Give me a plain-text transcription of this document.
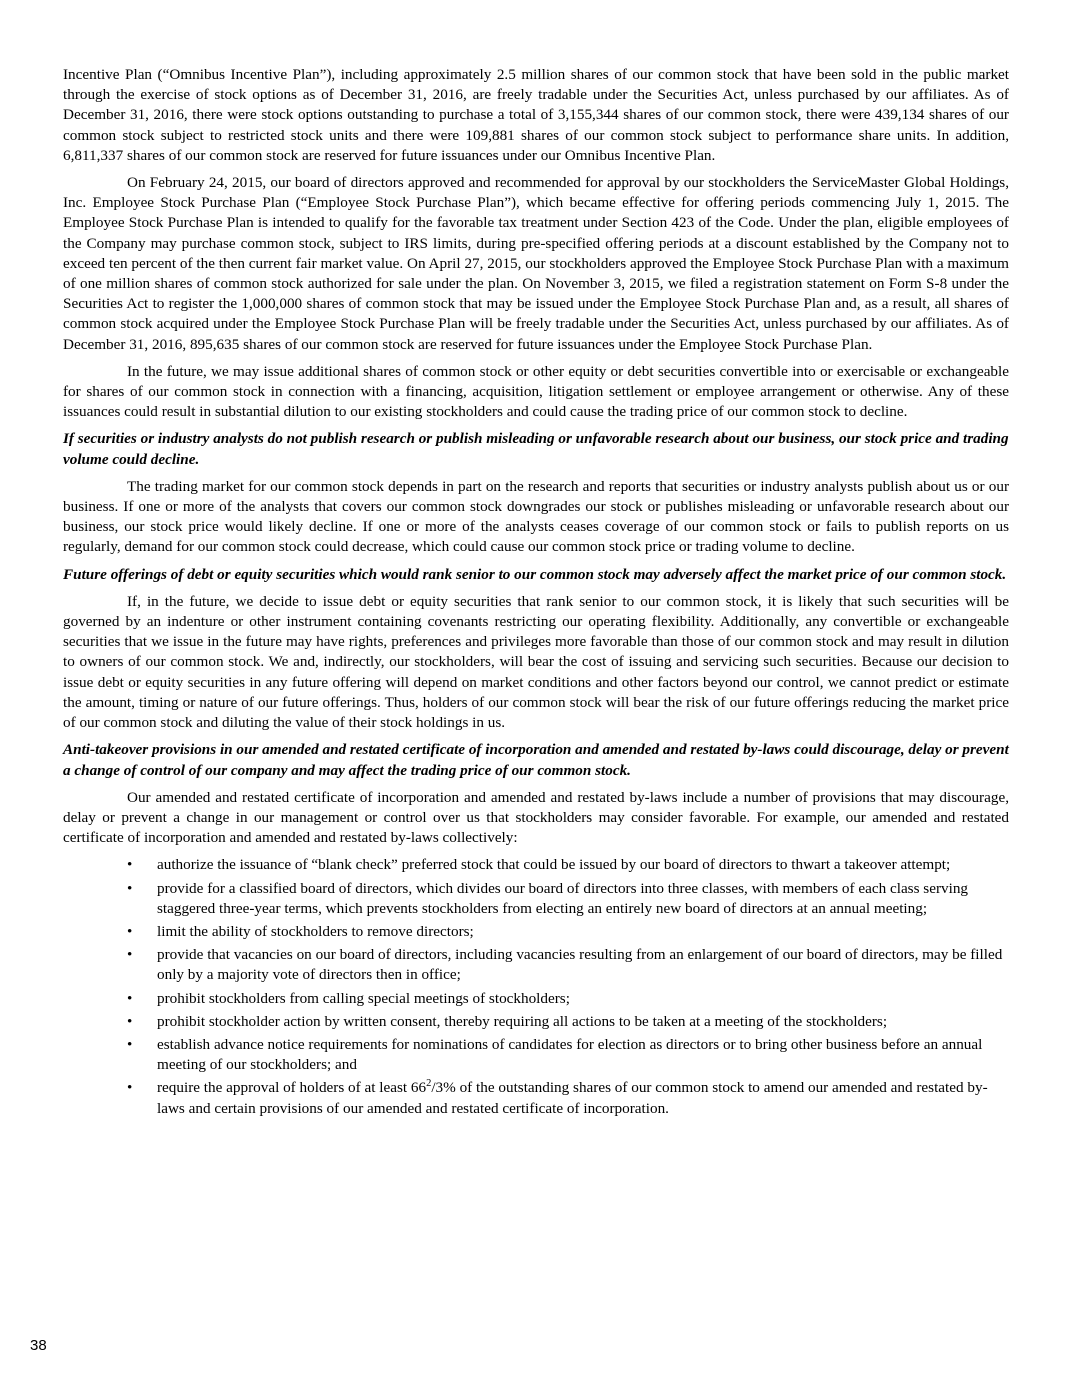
Incentive Plan (“Omnibus Incentive Plan”), including approximately 2.5 million shares of our common stock that have been sold in the public market through the exercise of stock options as of December 31, 2016, are freely tradable under the Securities Act, unless purchased by our affiliates. As of December 31, 2016, there were stock options outstanding to purchase a total of 3,155,344 shares of our common stock, there were 439,134 shares of our common stock subject to restricted stock units and there were 109,881 shares of our common stock subject to performance share units. In addition, 6,811,337 shares of our common stock are reserved for future issuances under our Omnibus Incentive Plan.

On February 24, 2015, our board of directors approved and recommended for approval by our stockholders the ServiceMaster Global Holdings, Inc. Employee Stock Purchase Plan (“Employee Stock Purchase Plan”), which became effective for offering periods commencing July 1, 2015. The Employee Stock Purchase Plan is intended to qualify for the favorable tax treatment under Section 423 of the Code. Under the plan, eligible employees of the Company may purchase common stock, subject to IRS limits, during pre-specified offering periods at a discount established by the Company not to exceed ten percent of the then current fair market value. On April 27, 2015, our stockholders approved the Employee Stock Purchase Plan with a maximum of one million shares of common stock authorized for sale under the plan. On November 3, 2015, we filed a registration statement on Form S-8 under the Securities Act to register the 1,000,000 shares of common stock that may be issued under the Employee Stock Purchase Plan and, as a result, all shares of common stock acquired under the Employee Stock Purchase Plan will be freely tradable under the Securities Act, unless purchased by our affiliates. As of December 31, 2016, 895,635 shares of our common stock are reserved for future issuances under the Employee Stock Purchase Plan.

In the future, we may issue additional shares of common stock or other equity or debt securities convertible into or exercisable or exchangeable for shares of our common stock in connection with a financing, acquisition, litigation settlement or employee arrangement or otherwise. Any of these issuances could result in substantial dilution to our existing stockholders and could cause the trading price of our common stock to decline.

If securities or industry analysts do not publish research or publish misleading or unfavorable research about our business, our stock price and trading volume could decline.

The trading market for our common stock depends in part on the research and reports that securities or industry analysts publish about us or our business. If one or more of the analysts that covers our common stock downgrades our stock or publishes misleading or unfavorable research about our business, our stock price would likely decline. If one or more of the analysts ceases coverage of our common stock or fails to publish reports on us regularly, demand for our common stock could decrease, which could cause our common stock price or trading volume to decline.

Future offerings of debt or equity securities which would rank senior to our common stock may adversely affect the market price of our common stock.

If, in the future, we decide to issue debt or equity securities that rank senior to our common stock, it is likely that such securities will be governed by an indenture or other instrument containing covenants restricting our operating flexibility. Additionally, any convertible or exchangeable securities that we issue in the future may have rights, preferences and privileges more favorable than those of our common stock and may result in dilution to owners of our common stock. We and, indirectly, our stockholders, will bear the cost of issuing and servicing such securities. Because our decision to issue debt or equity securities in any future offering will depend on market conditions and other factors beyond our control, we cannot predict or estimate the amount, timing or nature of our future offerings. Thus, holders of our common stock will bear the risk of our future offerings reducing the market price of our common stock and diluting the value of their stock holdings in us.

Anti-takeover provisions in our amended and restated certificate of incorporation and amended and restated by-laws could discourage, delay or prevent a change of control of our company and may affect the trading price of our common stock.

Our amended and restated certificate of incorporation and amended and restated by-laws include a number of provisions that may discourage, delay or prevent a change in our management or control over us that stockholders may consider favorable. For example, our amended and restated certificate of incorporation and amended and restated by-laws collectively:

• authorize the issuance of “blank check” preferred stock that could be issued by our board of directors to thwart a takeover attempt;
• provide for a classified board of directors, which divides our board of directors into three classes, with members of each class serving staggered three-year terms, which prevents stockholders from electing an entirely new board of directors at an annual meeting;
• limit the ability of stockholders to remove directors;
• provide that vacancies on our board of directors, including vacancies resulting from an enlargement of our board of directors, may be filled only by a majority vote of directors then in office;
• prohibit stockholders from calling special meetings of stockholders;
• prohibit stockholder action by written consent, thereby requiring all actions to be taken at a meeting of the stockholders;
• establish advance notice requirements for nominations of candidates for election as directors or to bring other business before an annual meeting of our stockholders; and
• require the approval of holders of at least $66^2/3\%$ of the outstanding shares of our common stock to amend our amended and restated by-laws and certain provisions of our amended and restated certificate of incorporation.
38
